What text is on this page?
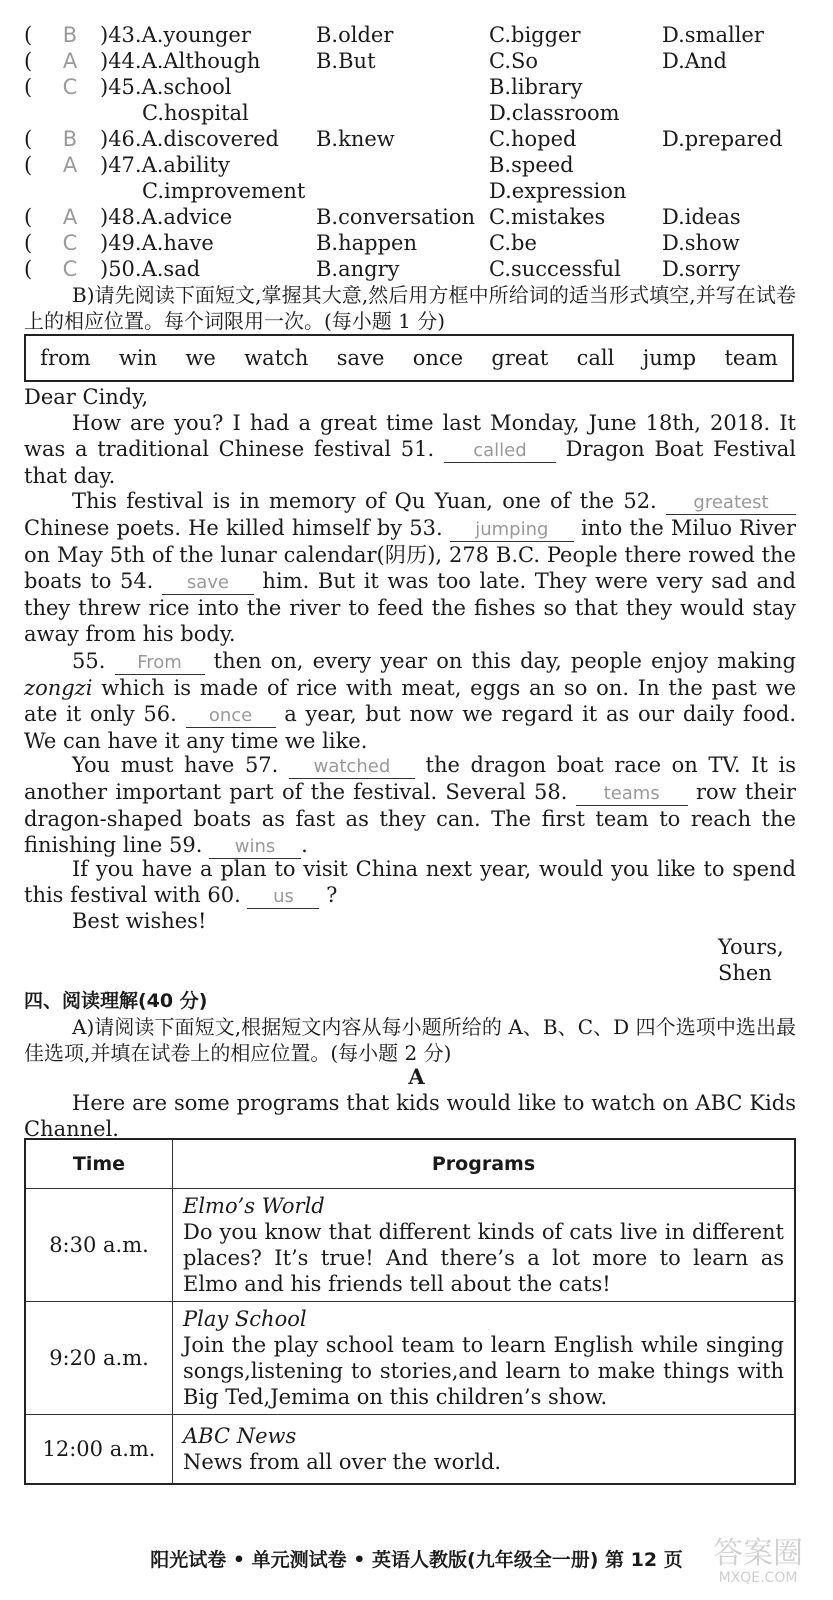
( B )43.A.younger	B.older	C.bigger	D.smaller
( A )44.A.Although	B.But	C.So	D.And
( C )45.A.school	B.library
C.hospital	D.classroom
( B )46.A.discovered B.knew	C.hoped	D.prepared
( A )47.A.ability	B.speed
C.improvement	D.expression
( A )48.A.advice	B.conversation C.mistakes	D.ideas
( C )49.A.have	B.happen	C.be	D.show
( C )50.A.sad	B.angry	C.successful D.sorry
B)请先阅读下面短文,掌握其大意,然后用方框中所给词的适当形式填空,并写在试卷上的相应位置。每个词限用一次。(每小题 1 分)
from win we watch save once great call jump team
Dear Cindy,
How are you? I had a great time last Monday, June 18th, 2018. It was a traditional Chinese festival 51. called Dragon Boat Festival that day.
This festival is in memory of Qu Yuan, one of the 52. greatest Chinese poets. He killed himself by 53. jumping into the Miluo River on May 5th of the lunar calendar(阴历), 278 B.C. People there rowed the boats to 54. save him. But it was too late. They were very sad and they threw rice into the river to feed the fishes so that they would stay away from his body.
55. From then on, every year on this day, people enjoy making zongzi which is made of rice with meat, eggs an so on. In the past we ate it only 56. once a year, but now we regard it as our daily food. We can have it any time we like.
You must have 57. watched the dragon boat race on TV. It is another important part of the festival. Several 58. teams row their dragon-shaped boats as fast as they can. The first team to reach the finishing line 59. wins .
If you have a plan to visit China next year, would you like to spend this festival with 60. us ?
Best wishes!
Yours,
Shen
四、阅读理解(40 分)
A)请阅读下面短文,根据短文内容从每小题所给的 A、B、C、D 四个选项中选出最佳选项,并填在试卷上的相应位置。(每小题 2 分)
A
Here are some programs that kids would like to watch on ABC Kids Channel.
Time	Programs
8:30 a.m.	Elmo’s World
Do you know that different kinds of cats live in different places? It’s true! And there’s a lot more to learn as Elmo and his friends tell about the cats!
9:20 a.m.	Play School
Join the play school team to learn English while singing songs,listening to stories,and learn to make things with Big Ted,Jemima on this children’s show.
12:00 a.m.	ABC News
News from all over the world.
阳光试卷 • 单元测试卷 • 英语人教版(九年级全一册) 第 12 页	答案圈
MXQE.COM
